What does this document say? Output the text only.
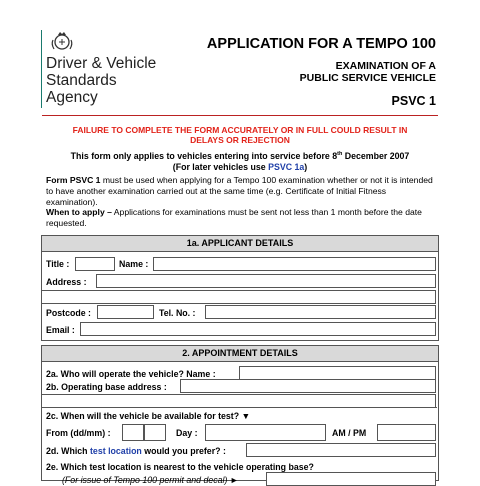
Driver & Vehicle
Standards
Agency
APPLICATION FOR A TEMPO 100
EXAMINATION OF A
PUBLIC SERVICE VEHICLE
PSVC 1
FAILURE TO COMPLETE THE FORM ACCURATELY OR IN FULL COULD RESULT IN
DELAYS OR REJECTION
This form only applies to vehicles entering into service before 8th December 2007
(For later vehicles use PSVC 1a)
Form PSVC 1 must be used when applying for a Tempo 100 examination whether or not it is intended to have another examination carried out at the same time (e.g. Certificate of Initial Fitness examination).
When to apply – Applications for examinations must be sent not less than 1 month before the date requested.
1a. APPLICANT DETAILS
Title :	Name :
Address :
Postcode :	Tel. No. :
Email :
2. APPOINTMENT DETAILS
2a. Who will operate the vehicle? Name :
2b. Operating base address :
2c. When will the vehicle be available for test? ▼
From (dd/mm) :	Day :	AM / PM
2d. Which test location would you prefer? :
2e. Which test location is nearest to the vehicle operating base?
(For issue of Tempo 100 permit and decal) ►
